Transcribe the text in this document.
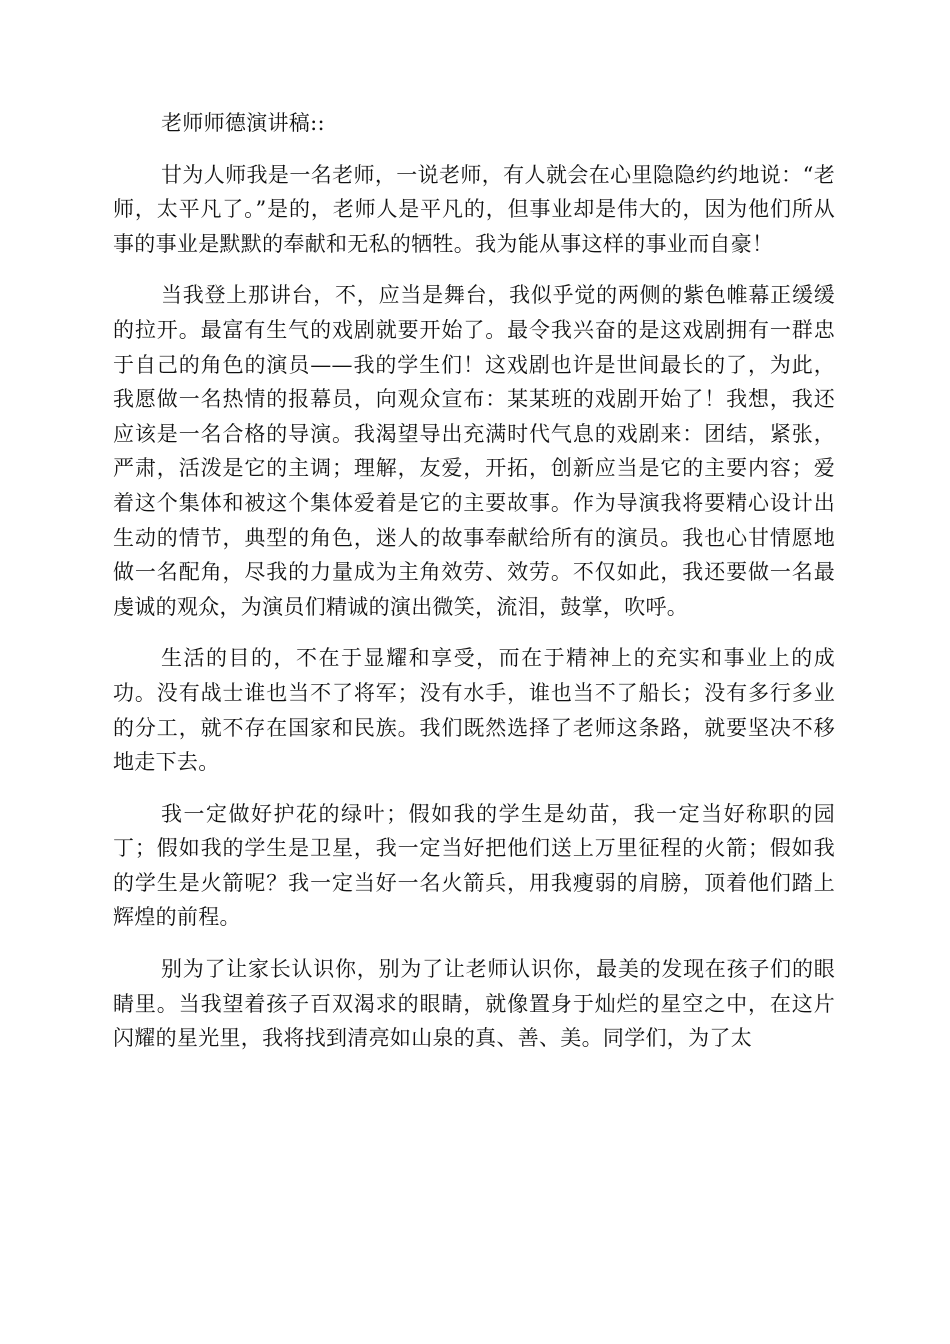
老师师德演讲稿::

甘为人师我是一名老师，一说老师，有人就会在心里隐隐约约地说：“老师，太平凡了。”是的，老师人是平凡的，但事业却是伟大的，因为他们所从事的事业是默默的奉献和无私的牺牲。我为能从事这样的事业而自豪！

当我登上那讲台，不，应当是舞台，我似乎觉的两侧的紫色帷幕正缓缓的拉开。最富有生气的戏剧就要开始了。最令我兴奋的是这戏剧拥有一群忠于自己的角色的演员——我的学生们！这戏剧也许是世间最长的了，为此，我愿做一名热情的报幕员，向观众宣布：某某班的戏剧开始了！我想，我还应该是一名合格的导演。我渴望导出充满时代气息的戏剧来：团结，紧张，严肃，活泼是它的主调；理解，友爱，开拓，创新应当是它的主要内容；爱着这个集体和被这个集体爱着是它的主要故事。作为导演我将要精心设计出生动的情节，典型的角色，迷人的故事奉献给所有的演员。我也心甘情愿地做一名配角，尽我的力量成为主角效劳、效劳。不仅如此，我还要做一名最虔诚的观众，为演员们精诚的演出微笑，流泪，鼓掌，吹呼。

生活的目的，不在于显耀和享受，而在于精神上的充实和事业上的成功。没有战士谁也当不了将军；没有水手，谁也当不了船长；没有多行多业的分工，就不存在国家和民族。我们既然选择了老师这条路，就要坚决不移地走下去。

我一定做好护花的绿叶；假如我的学生是幼苗，我一定当好称职的园丁；假如我的学生是卫星，我一定当好把他们送上万里征程的火箭；假如我的学生是火箭呢？我一定当好一名火箭兵，用我瘦弱的肩膀，顶着他们踏上辉煌的前程。

别为了让家长认识你，别为了让老师认识你，最美的发现在孩子们的眼睛里。当我望着孩子百双渴求的眼睛，就像置身于灿烂的星空之中，在这片闪耀的星光里，我将找到清亮如山泉的真、善、美。同学们，为了太
